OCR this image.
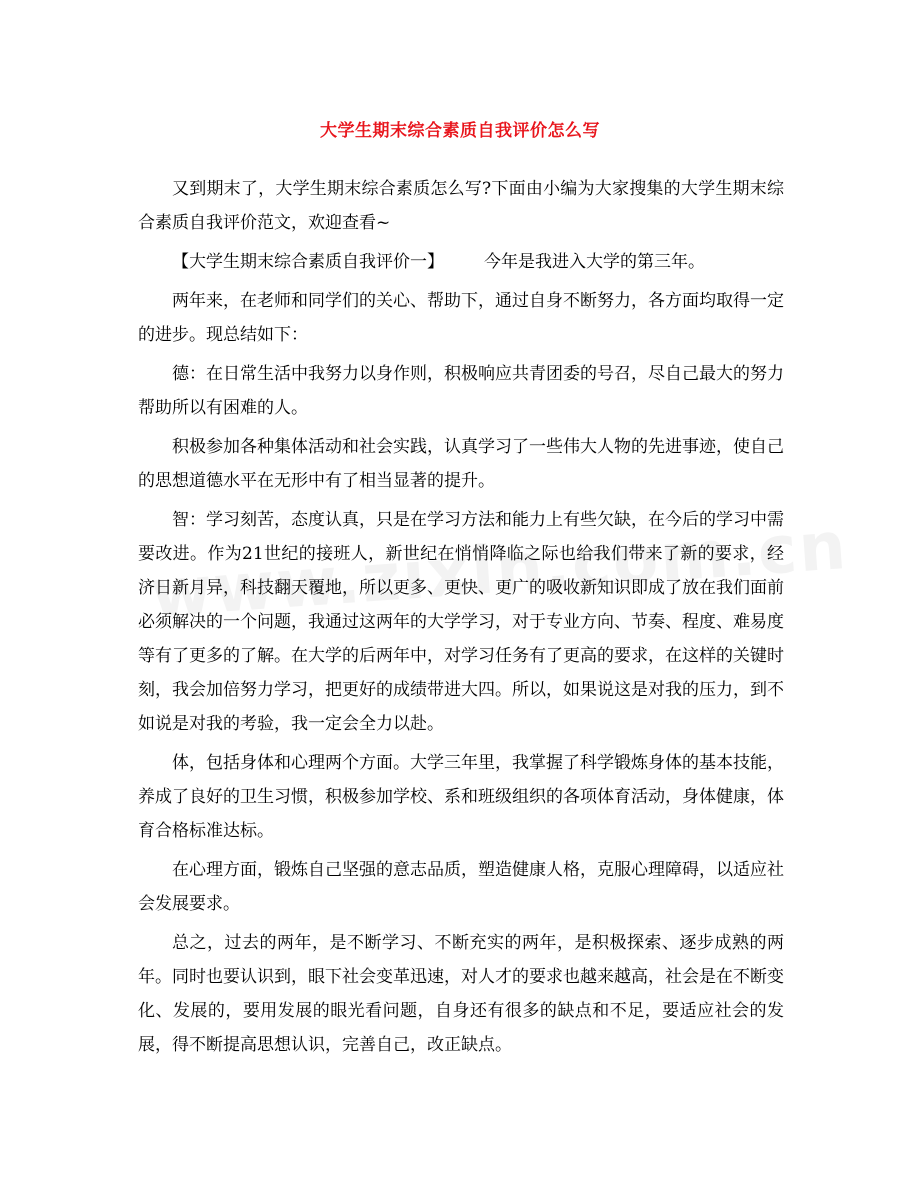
大学生期末综合素质自我评价怎么写

又到期末了，大学生期末综合素质怎么写?下面由小编为大家搜集的大学生期末综合素质自我评价范文，欢迎查看~

【大学生期末综合素质自我评价一】 今年是我进入大学的第三年。

两年来，在老师和同学们的关心、帮助下，通过自身不断努力，各方面均取得一定的进步。现总结如下：

德：在日常生活中我努力以身作则，积极响应共青团委的号召，尽自己最大的努力帮助所以有困难的人。

积极参加各种集体活动和社会实践，认真学习了一些伟大人物的先进事迹，使自己的思想道德水平在无形中有了相当显著的提升。

智：学习刻苦，态度认真，只是在学习方法和能力上有些欠缺，在今后的学习中需要改进。作为21世纪的接班人，新世纪在悄悄降临之际也给我们带来了新的要求，经济日新月异，科技翻天覆地，所以更多、更快、更广的吸收新知识即成了放在我们面前必须解决的一个问题，我通过这两年的大学学习，对于专业方向、节奏、程度、难易度等有了更多的了解。在大学的后两年中，对学习任务有了更高的要求，在这样的关键时刻，我会加倍努力学习，把更好的成绩带进大四。所以，如果说这是对我的压力，到不如说是对我的考验，我一定会全力以赴。

体，包括身体和心理两个方面。大学三年里，我掌握了科学锻炼身体的基本技能，养成了良好的卫生习惯，积极参加学校、系和班级组织的各项体育活动，身体健康，体育合格标准达标。

在心理方面，锻炼自己坚强的意志品质，塑造健康人格，克服心理障碍，以适应社会发展要求。

总之，过去的两年，是不断学习、不断充实的两年，是积极探索、逐步成熟的两年。同时也要认识到，眼下社会变革迅速，对人才的要求也越来越高，社会是在不断变化、发展的，要用发展的眼光看问题，自身还有很多的缺点和不足，要适应社会的发展，得不断提高思想认识，完善自己，改正缺点。
